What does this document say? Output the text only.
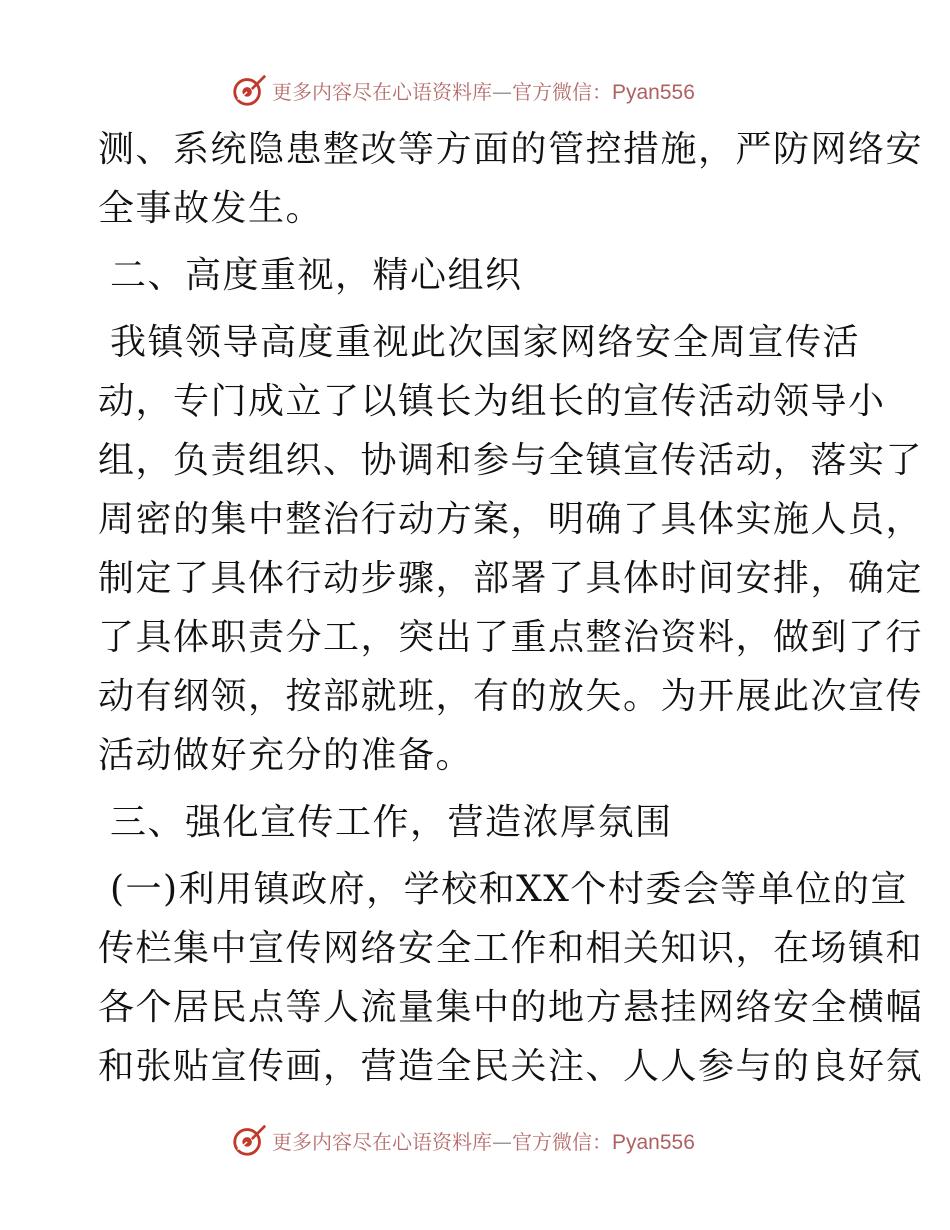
更多内容尽在心语资料库—官方微信：Pyan556
测、系统隐患整改等方面的管控措施，严防网络安
全事故发生。
二、高度重视，精心组织
我镇领导高度重视此次国家网络安全周宣传活
动，专门成立了以镇长为组长的宣传活动领导小
组，负责组织、协调和参与全镇宣传活动，落实了
周密的集中整治行动方案，明确了具体实施人员，
制定了具体行动步骤，部署了具体时间安排，确定
了具体职责分工，突出了重点整治资料，做到了行
动有纲领，按部就班，有的放矢。为开展此次宣传
活动做好充分的准备。
三、强化宣传工作，营造浓厚氛围
(一)利用镇政府，学校和XX个村委会等单位的宣
传栏集中宣传网络安全工作和相关知识，在场镇和
各个居民点等人流量集中的地方悬挂网络安全横幅
和张贴宣传画，营造全民关注、人人参与的良好氛
更多内容尽在心语资料库—官方微信：Pyan556
